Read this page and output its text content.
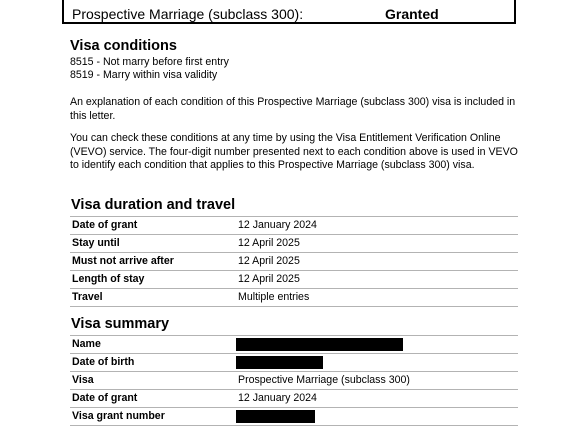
Prospective Marriage (subclass 300):	Granted
Visa conditions
8515 - Not marry before first entry
8519 - Marry within visa validity
An explanation of each condition of this Prospective Marriage (subclass 300) visa is included in this letter.
You can check these conditions at any time by using the Visa Entitlement Verification Online (VEVO) service. The four-digit number presented next to each condition above is used in VEVO to identify each condition that applies to this Prospective Marriage (subclass 300) visa.
Visa duration and travel
Date of grant	12 January 2024
Stay until	12 April 2025
Must not arrive after	12 April 2025
Length of stay	12 April 2025
Travel	Multiple entries
Visa summary
Name
Date of birth
Visa	Prospective Marriage (subclass 300)
Date of grant	12 January 2024
Visa grant number
